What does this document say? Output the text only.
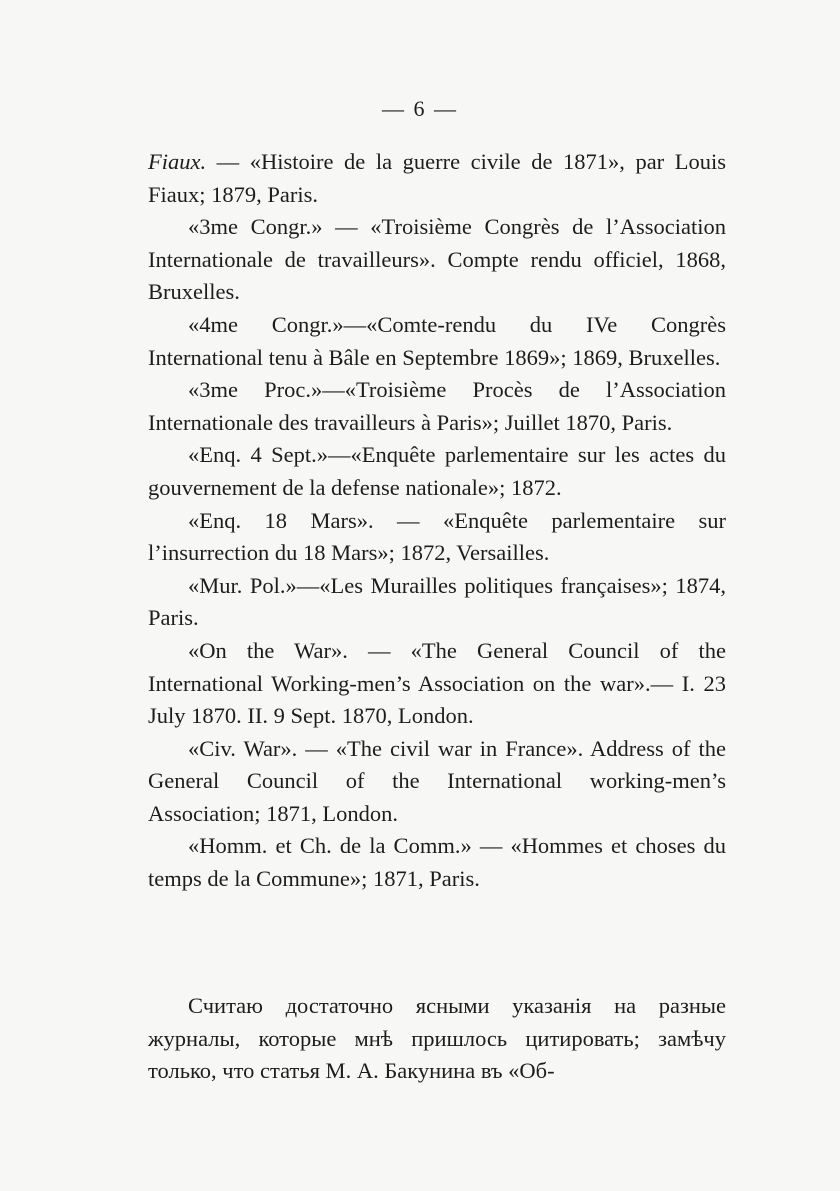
— 6 —

Fiaux. — «Histoire de la guerre civile de 1871», par Louis Fiaux; 1879, Paris.

«3me Congr.» — «Troisième Congrès de l’Association Internationale de travailleurs». Compte rendu officiel, 1868, Bruxelles.

«4me Congr.»—«Comte-rendu du IVe Congrès International tenu à Bâle en Septembre 1869»; 1869, Bruxelles.

«3me Proc.»—«Troisième Procès de l’Association Internationale des travailleurs à Paris»; Juillet 1870, Paris.

«Enq. 4 Sept.»—«Enquête parlementaire sur les actes du gouvernement de la defense nationale»; 1872.

«Enq. 18 Mars». — «Enquête parlementaire sur l’insurrection du 18 Mars»; 1872, Versailles.

«Mur. Pol.»—«Les Murailles politiques françaises»; 1874, Paris.

«On the War». — «The General Council of the International Working-men’s Association on the war».— I. 23 July 1870. II. 9 Sept. 1870, London.

«Civ. War». — «The civil war in France». Address of the General Council of the International working-men’s Association; 1871, London.

«Homm. et Ch. de la Comm.» — «Hommes et choses du temps de la Commune»; 1871, Paris.

Считаю достаточно ясными указанія на разные журналы, которые мнѣ пришлось цитировать; замѣчу только, что статья М. А. Бакунина въ «Об-
